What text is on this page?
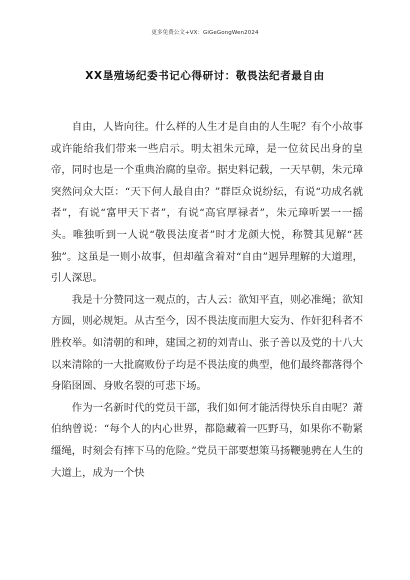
更多免费公文+VX：GiGeGongWen2024
XX垦殖场纪委书记心得研讨：敬畏法纪者最自由

自由，人皆向往。什么样的人生才是自由的人生呢？有个小故事或许能给我们带来一些启示。明太祖朱元璋，是一位贫民出身的皇帝，同时也是一个重典治腐的皇帝。据史料记载，一天早朝，朱元璋突然问众大臣：“天下何人最自由？”群臣众说纷纭，有说“功成名就者”，有说“富甲天下者”，有说“高官厚禄者”，朱元璋听罢一一摇头。唯独听到一人说“敬畏法度者”时才龙颜大悦，称赞其见解“甚独”。这虽是一则小故事，但却蕴含着对“自由”迥异理解的大道理，引人深思。

我是十分赞同这一观点的，古人云：欲知平直，则必准绳；欲知方圆，则必规矩。从古至今，因不畏法度而胆大妄为、作奸犯科者不胜枚举。如清朝的和珅，建国之初的刘青山、张子善以及党的十八大以来清除的一大批腐败份子均是不畏法度的典型，他们最终都落得个身陷囹圄、身败名裂的可悲下场。

作为一名新时代的党员干部，我们如何才能活得快乐自由呢？萧伯纳曾说：“每个人的内心世界，都隐藏着一匹野马，如果你不勒紧缰绳，时刻会有摔下马的危险。”党员干部要想策马扬鞭驰骋在人生的大道上，成为一个快
